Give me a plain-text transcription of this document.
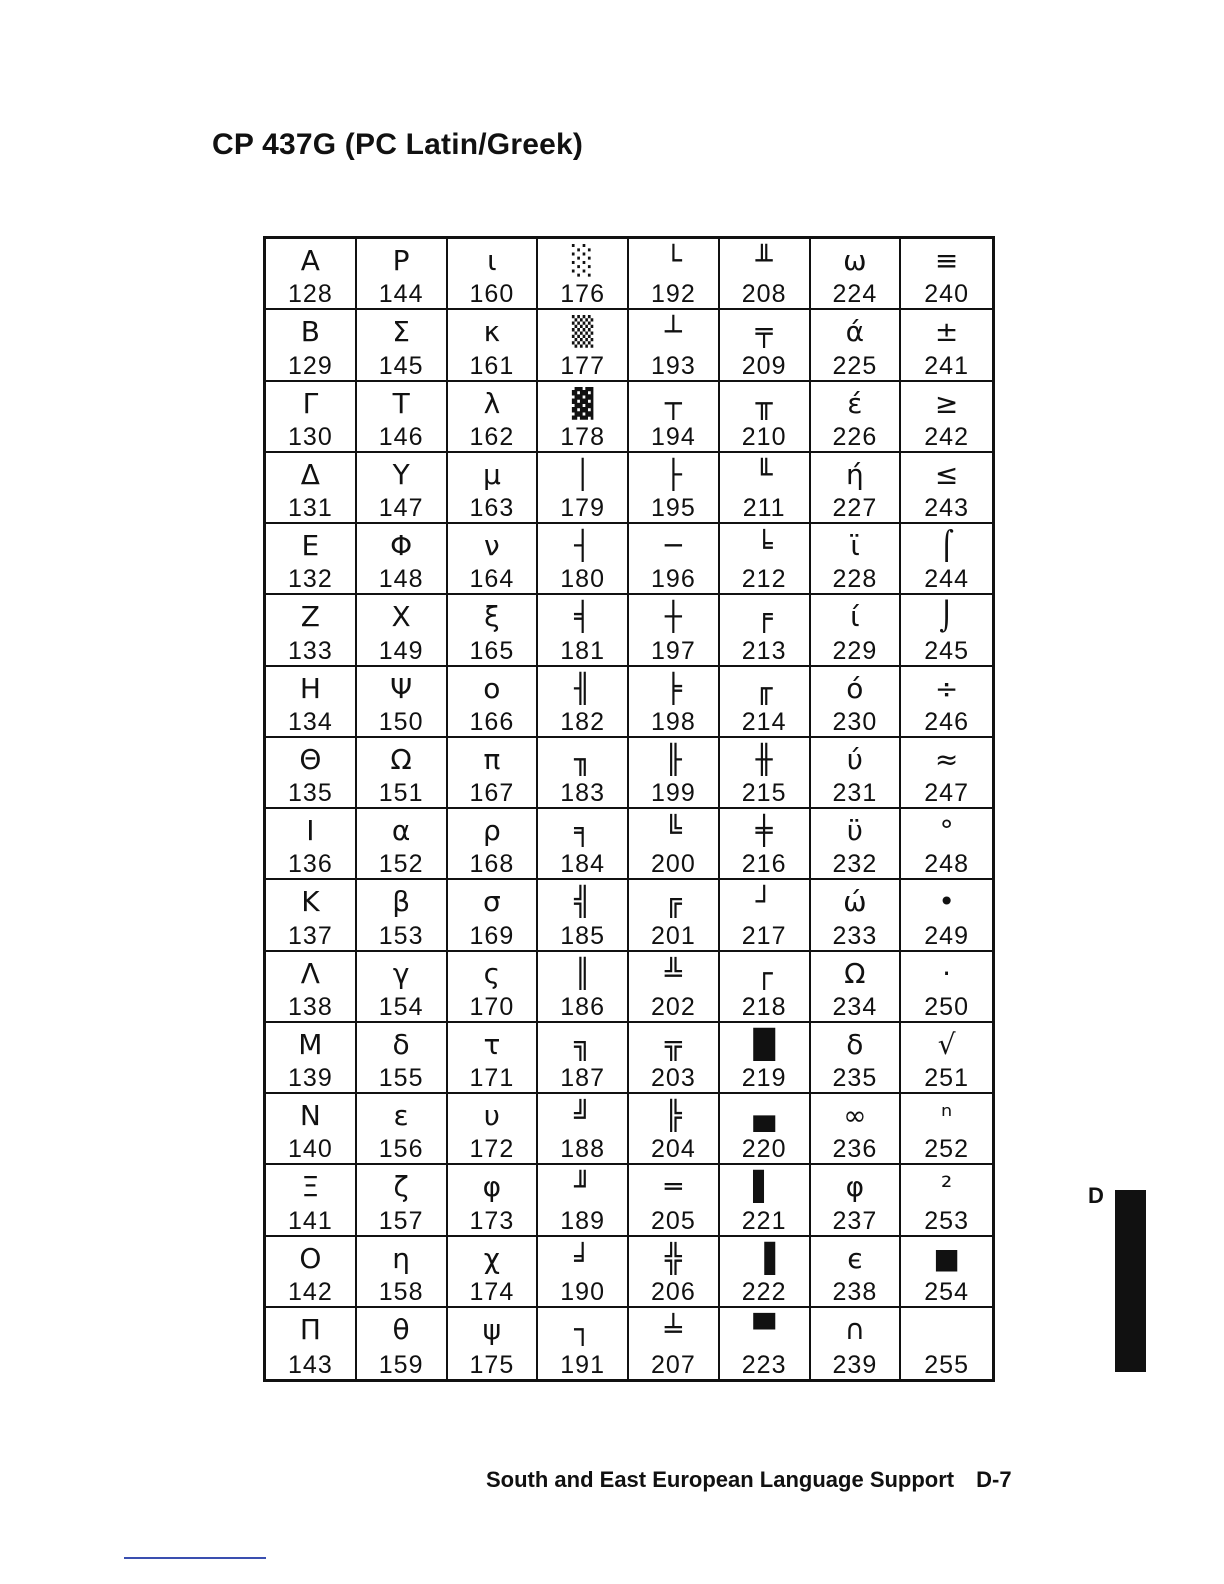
CP 437G (PC Latin/Greek)
Α
128
Ρ
144
ι
160
░
176
└
192
╨
208
ω
224
≡
240
Β
129
Σ
145
κ
161
▒
177
┴
193
╤
209
ά
225
±
241
Γ
130
Τ
146
λ
162
▓
178
┬
194
╥
210
έ
226
≥
242
Δ
131
Υ
147
μ
163
│
179
├
195
╙
211
ή
227
≤
243
Ε
132
Φ
148
ν
164
┤
180
─
196
╘
212
ϊ
228
⌠
244
Ζ
133
Χ
149
ξ
165
╡
181
┼
197
╒
213
ί
229
⌡
245
Η
134
Ψ
150
ο
166
╢
182
╞
198
╓
214
ό
230
÷
246
Θ
135
Ω
151
π
167
╖
183
╟
199
╫
215
ύ
231
≈
247
Ι
136
α
152
ρ
168
╕
184
╚
200
╪
216
ϋ
232
°
248
Κ
137
β
153
σ
169
╣
185
╔
201
┘
217
ώ
233
•
249
Λ
138
γ
154
ς
170
║
186
╩
202
┌
218
Ω
234
·
250
Μ
139
δ
155
τ
171
╗
187
╦
203
█
219
δ
235
√
251
Ν
140
ε
156
υ
172
╝
188
╠
204
▄
220
∞
236
ⁿ
252
Ξ
141
ζ
157
φ
173
╜
189
═
205
▌
221
φ
237
²
253
Ο
142
η
158
χ
174
╛
190
╬
206
▐
222
є
238
■
254
Π
143
θ
159
ψ
175
┐
191
╧
207
▀
223
∩
239	255
D
South and East European Language Support D-7
